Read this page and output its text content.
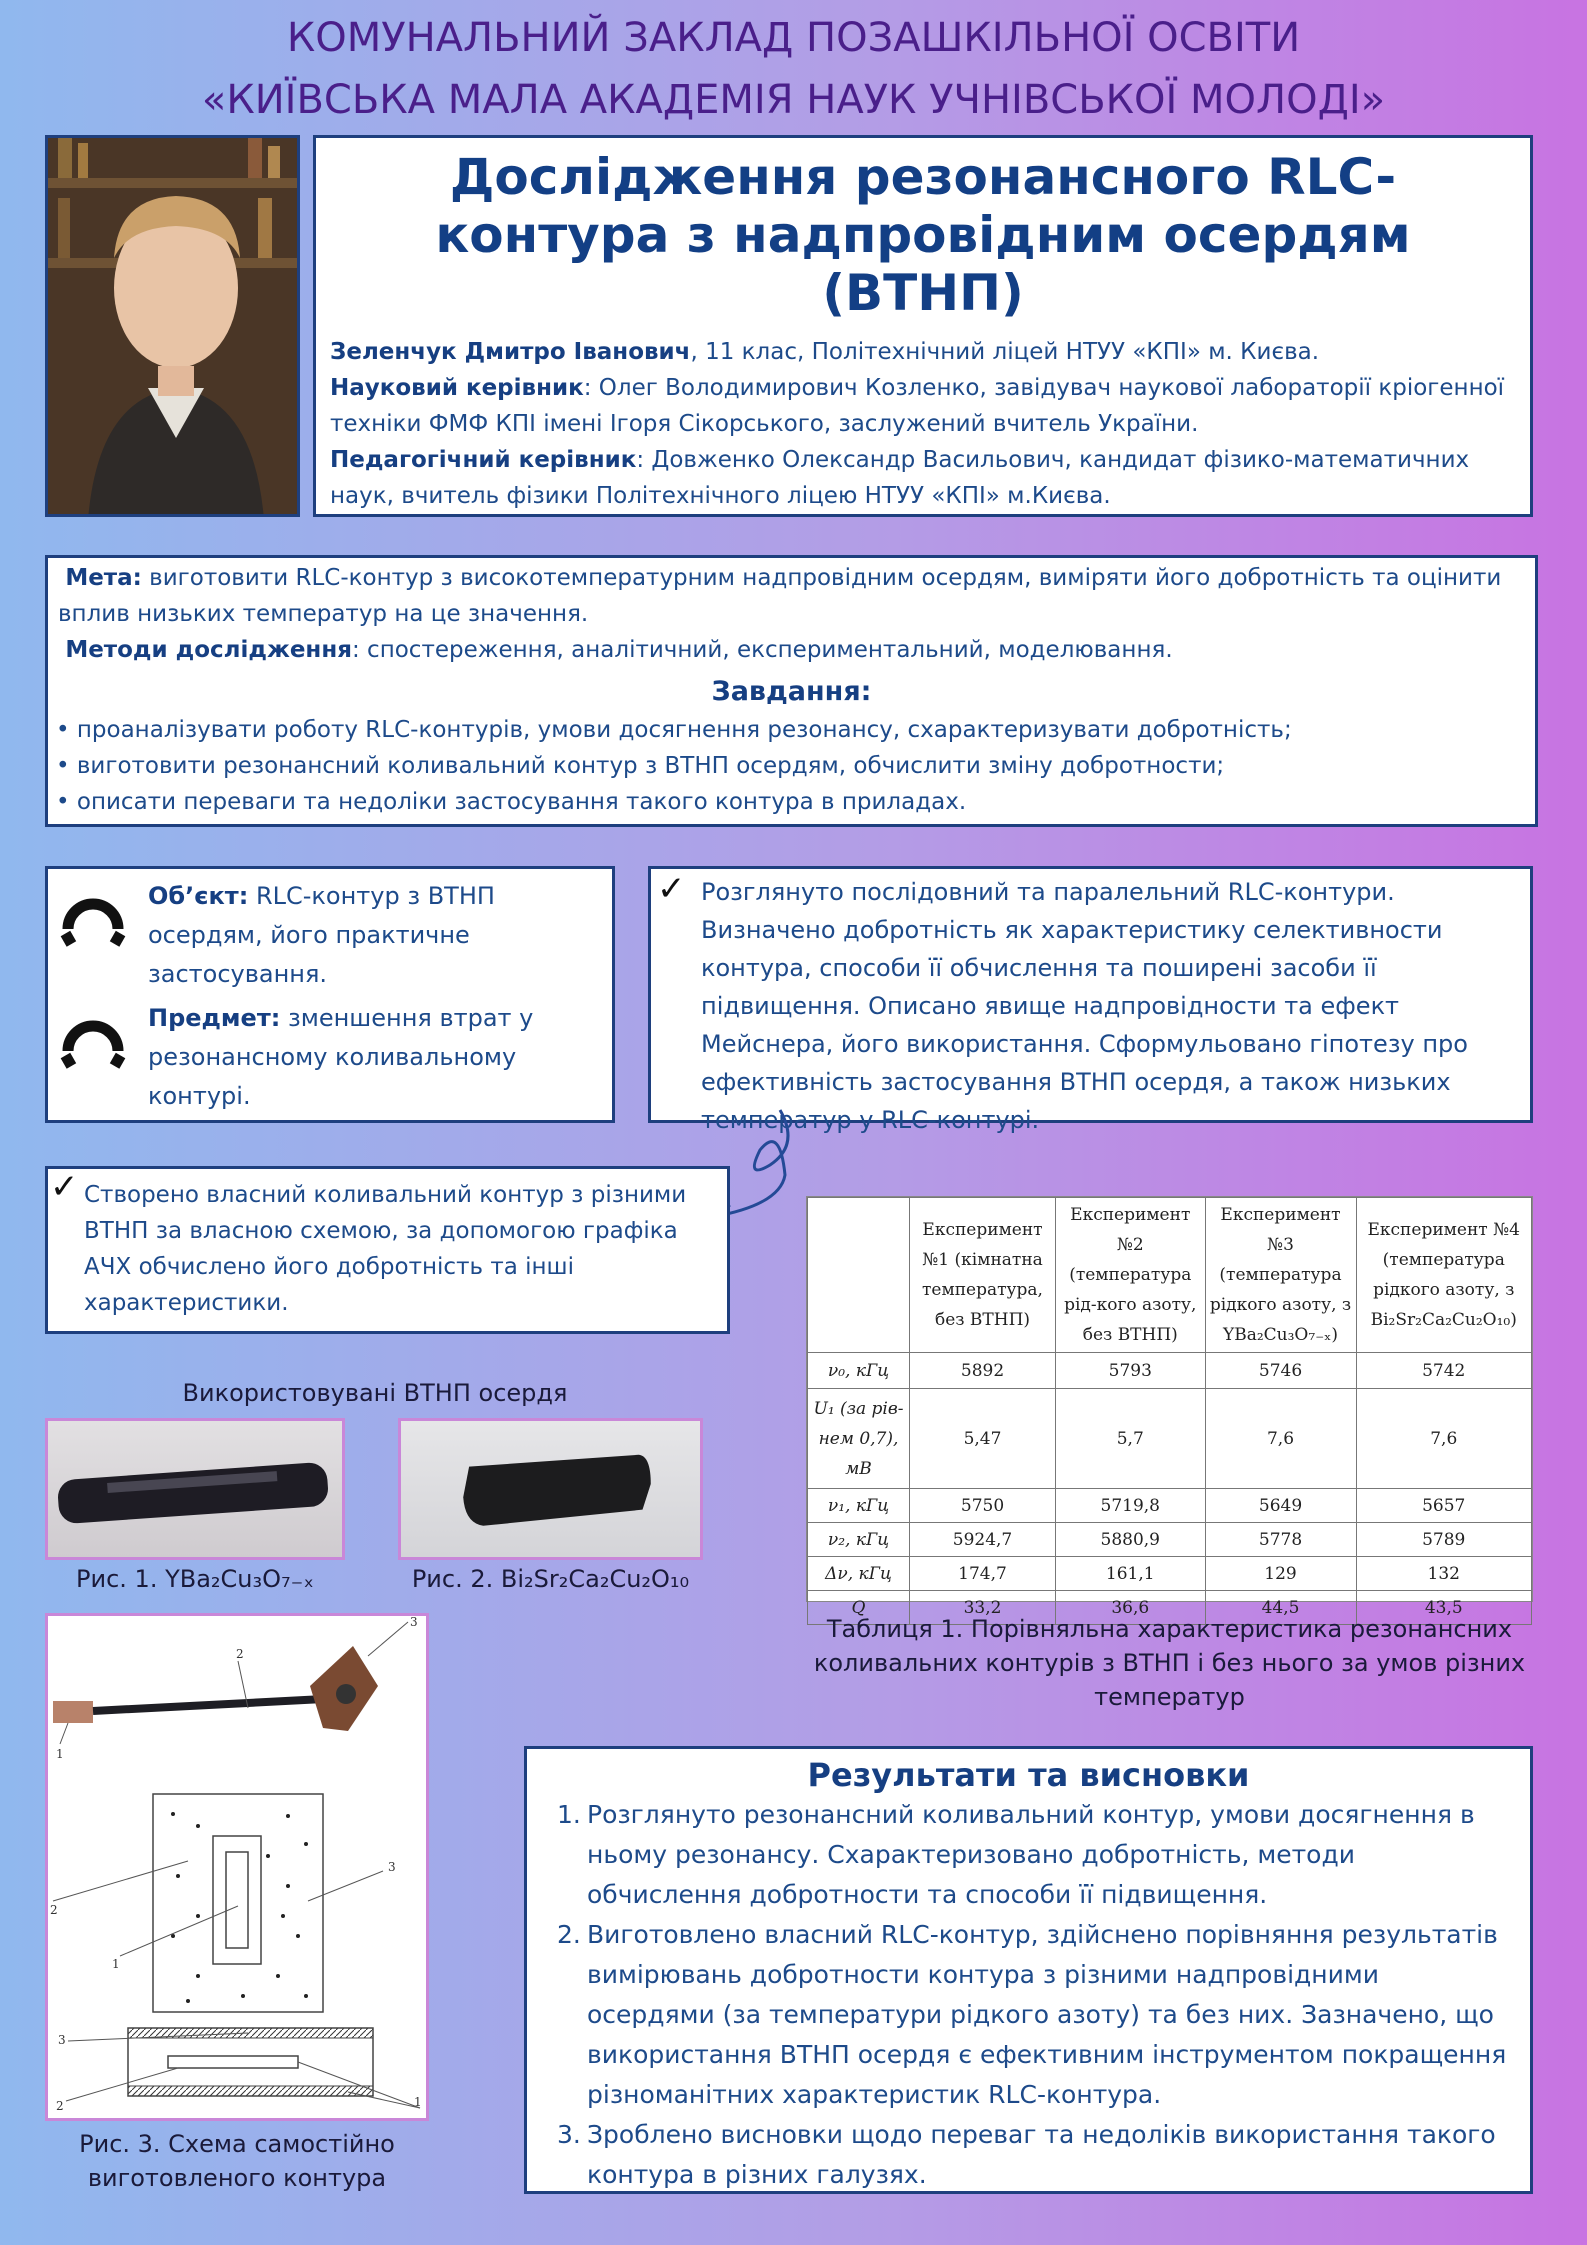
КОМУНАЛЬНИЙ ЗАКЛАД ПОЗАШКІЛЬНОЇ ОСВІТИ
«КИЇВСЬКА МАЛА АКАДЕМІЯ НАУК УЧНІВСЬКОЇ МОЛОДІ»
Дослідження резонансного RLC-
контура з надпровідним осердям
(ВТНП)
Зеленчук Дмитро Іванович, 11 клас, Політехнічний ліцей НТУУ «КПІ» м. Києва.
Науковий керівник: Олег Володимирович Козленко, завідувач наукової лабораторії кріогенної техніки ФМФ КПІ імені Ігоря Сікорського, заслужений вчитель України.
Педагогічний керівник: Довженко Олександр Васильович, кандидат фізико-математичних наук, вчитель фізики Політехнічного ліцею НТУУ «КПІ» м.Києва.
Мета: виготовити RLC-контур з високотемпературним надпровідним осердям, виміряти його добротність та оцінити вплив низьких температур на це значення.
Методи дослідження: спостереження, аналітичний, експериментальний, моделювання.
Завдання:
• проаналізувати роботу RLC-контурів, умови досягнення резонансу, схарактеризувати добротність;
• виготовити резонансний коливальний контур з ВТНП осердям, обчислити зміну добротности;
• описати переваги та недоліки застосування такого контура в приладах.
Об’єкт: RLC-контур з ВТНП осердям, його практичне застосування.
Предмет: зменшення втрат у резонансному коливальному контурі.
✓ Розглянуто послідовний та паралельний RLC-контури. Визначено добротність як характеристику селективности контура, способи її обчислення та поширені засоби її підвищення. Описано явище надпровідности та ефект Мейснера, його використання. Сформульовано гіпотезу про ефективність застосування ВТНП осердя, а також низьких температур у RLC-контурі.
✓ Створено власний коливальний контур з різними ВТНП за власною схемою, за допомогою графіка АЧХ обчислено його добротність та інші характеристики.
Використовувані ВТНП осердя
Рис. 1. YBa₂Cu₃O₇₋ₓ	Рис. 2. Bi₂Sr₂Ca₂Cu₂O₁₀
	Експеримент №1 (кімнатна температура, без ВТНП)	Експеримент №2 (температура рід-кого азоту, без ВТНП)	Експеримент №3 (температура рідкого азоту, з YBa₂Cu₃O₇₋ₓ)	Експеримент №4 (температура рідкого азоту, з Bi₂Sr₂Ca₂Cu₂O₁₀)
ν₀, кГц	5892	5793	5746	5742
U₁ (за рів-нем 0,7), мВ	5,47	5,7	7,6	7,6
ν₁, кГц	5750	5719,8	5649	5657
ν₂, кГц	5924,7	5880,9	5778	5789
Δν, кГц	174,7	161,1	129	132
Q	33,2	36,6	44,5	43,5
Таблиця 1. Порівняльна характеристика резонансних коливальних контурів з ВТНП і без нього за умов різних температур
1
2
3
2
1
3
3
2	1
Рис. 3. Схема самостійно
виготовленого контура
Результати та висновки
1. Розглянуто резонансний коливальний контур, умови досягнення в ньому резонансу. Схарактеризовано добротність, методи обчислення добротности та способи її підвищення.
2. Виготовлено власний RLC-контур, здійснено порівняння результатів вимірювань добротности контура з різними надпровідними осердями (за температури рідкого азоту) та без них. Зазначено, що використання ВТНП осердя є ефективним інструментом покращення різноманітних характеристик RLC-контура.
3. Зроблено висновки щодо переваг та недоліків використання такого контура в різних галузях.
